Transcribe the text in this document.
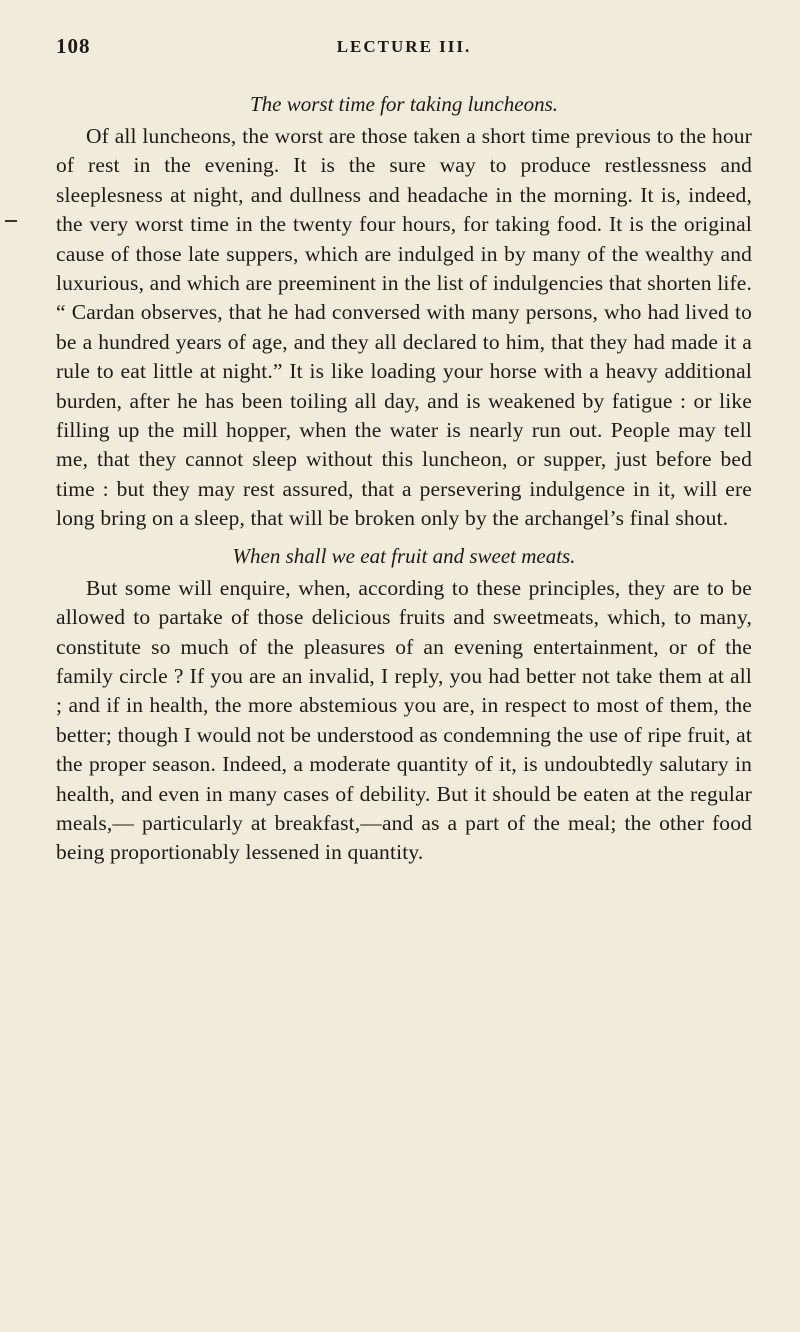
108	LECTURE III.
The worst time for taking luncheons.

Of all luncheons, the worst are those taken a short time previous to the hour of rest in the evening. It is the sure way to produce restlessness and sleeplesness at night, and dullness and headache in the morning. It is, indeed, the very worst time in the twenty four hours, for taking food. It is the original cause of those late suppers, which are indulged in by many of the wealthy and luxurious, and which are preeminent in the list of indulgencies that shorten life. “ Cardan observes, that he had conversed with many persons, who had lived to be a hundred years of age, and they all declared to him, that they had made it a rule to eat little at night.” It is like loading your horse with a heavy additional burden, after he has been toiling all day, and is weakened by fatigue : or like filling up the mill hopper, when the water is nearly run out. People may tell me, that they cannot sleep without this luncheon, or supper, just before bed time : but they may rest assured, that a persevering indulgence in it, will ere long bring on a sleep, that will be broken only by the archangel’s final shout.

When shall we eat fruit and sweet meats.

But some will enquire, when, according to these principles, they are to be allowed to partake of those delicious fruits and sweetmeats, which, to many, constitute so much of the pleasures of an evening entertainment, or of the family circle ? If you are an invalid, I reply, you had better not take them at all ; and if in health, the more abstemious you are, in respect to most of them, the better; though I would not be understood as condemning the use of ripe fruit, at the proper season. Indeed, a moderate quantity of it, is undoubtedly salutary in health, and even in many cases of debility. But it should be eaten at the regular meals,— particularly at breakfast,—and as a part of the meal; the other food being proportionably lessened in quantity.
